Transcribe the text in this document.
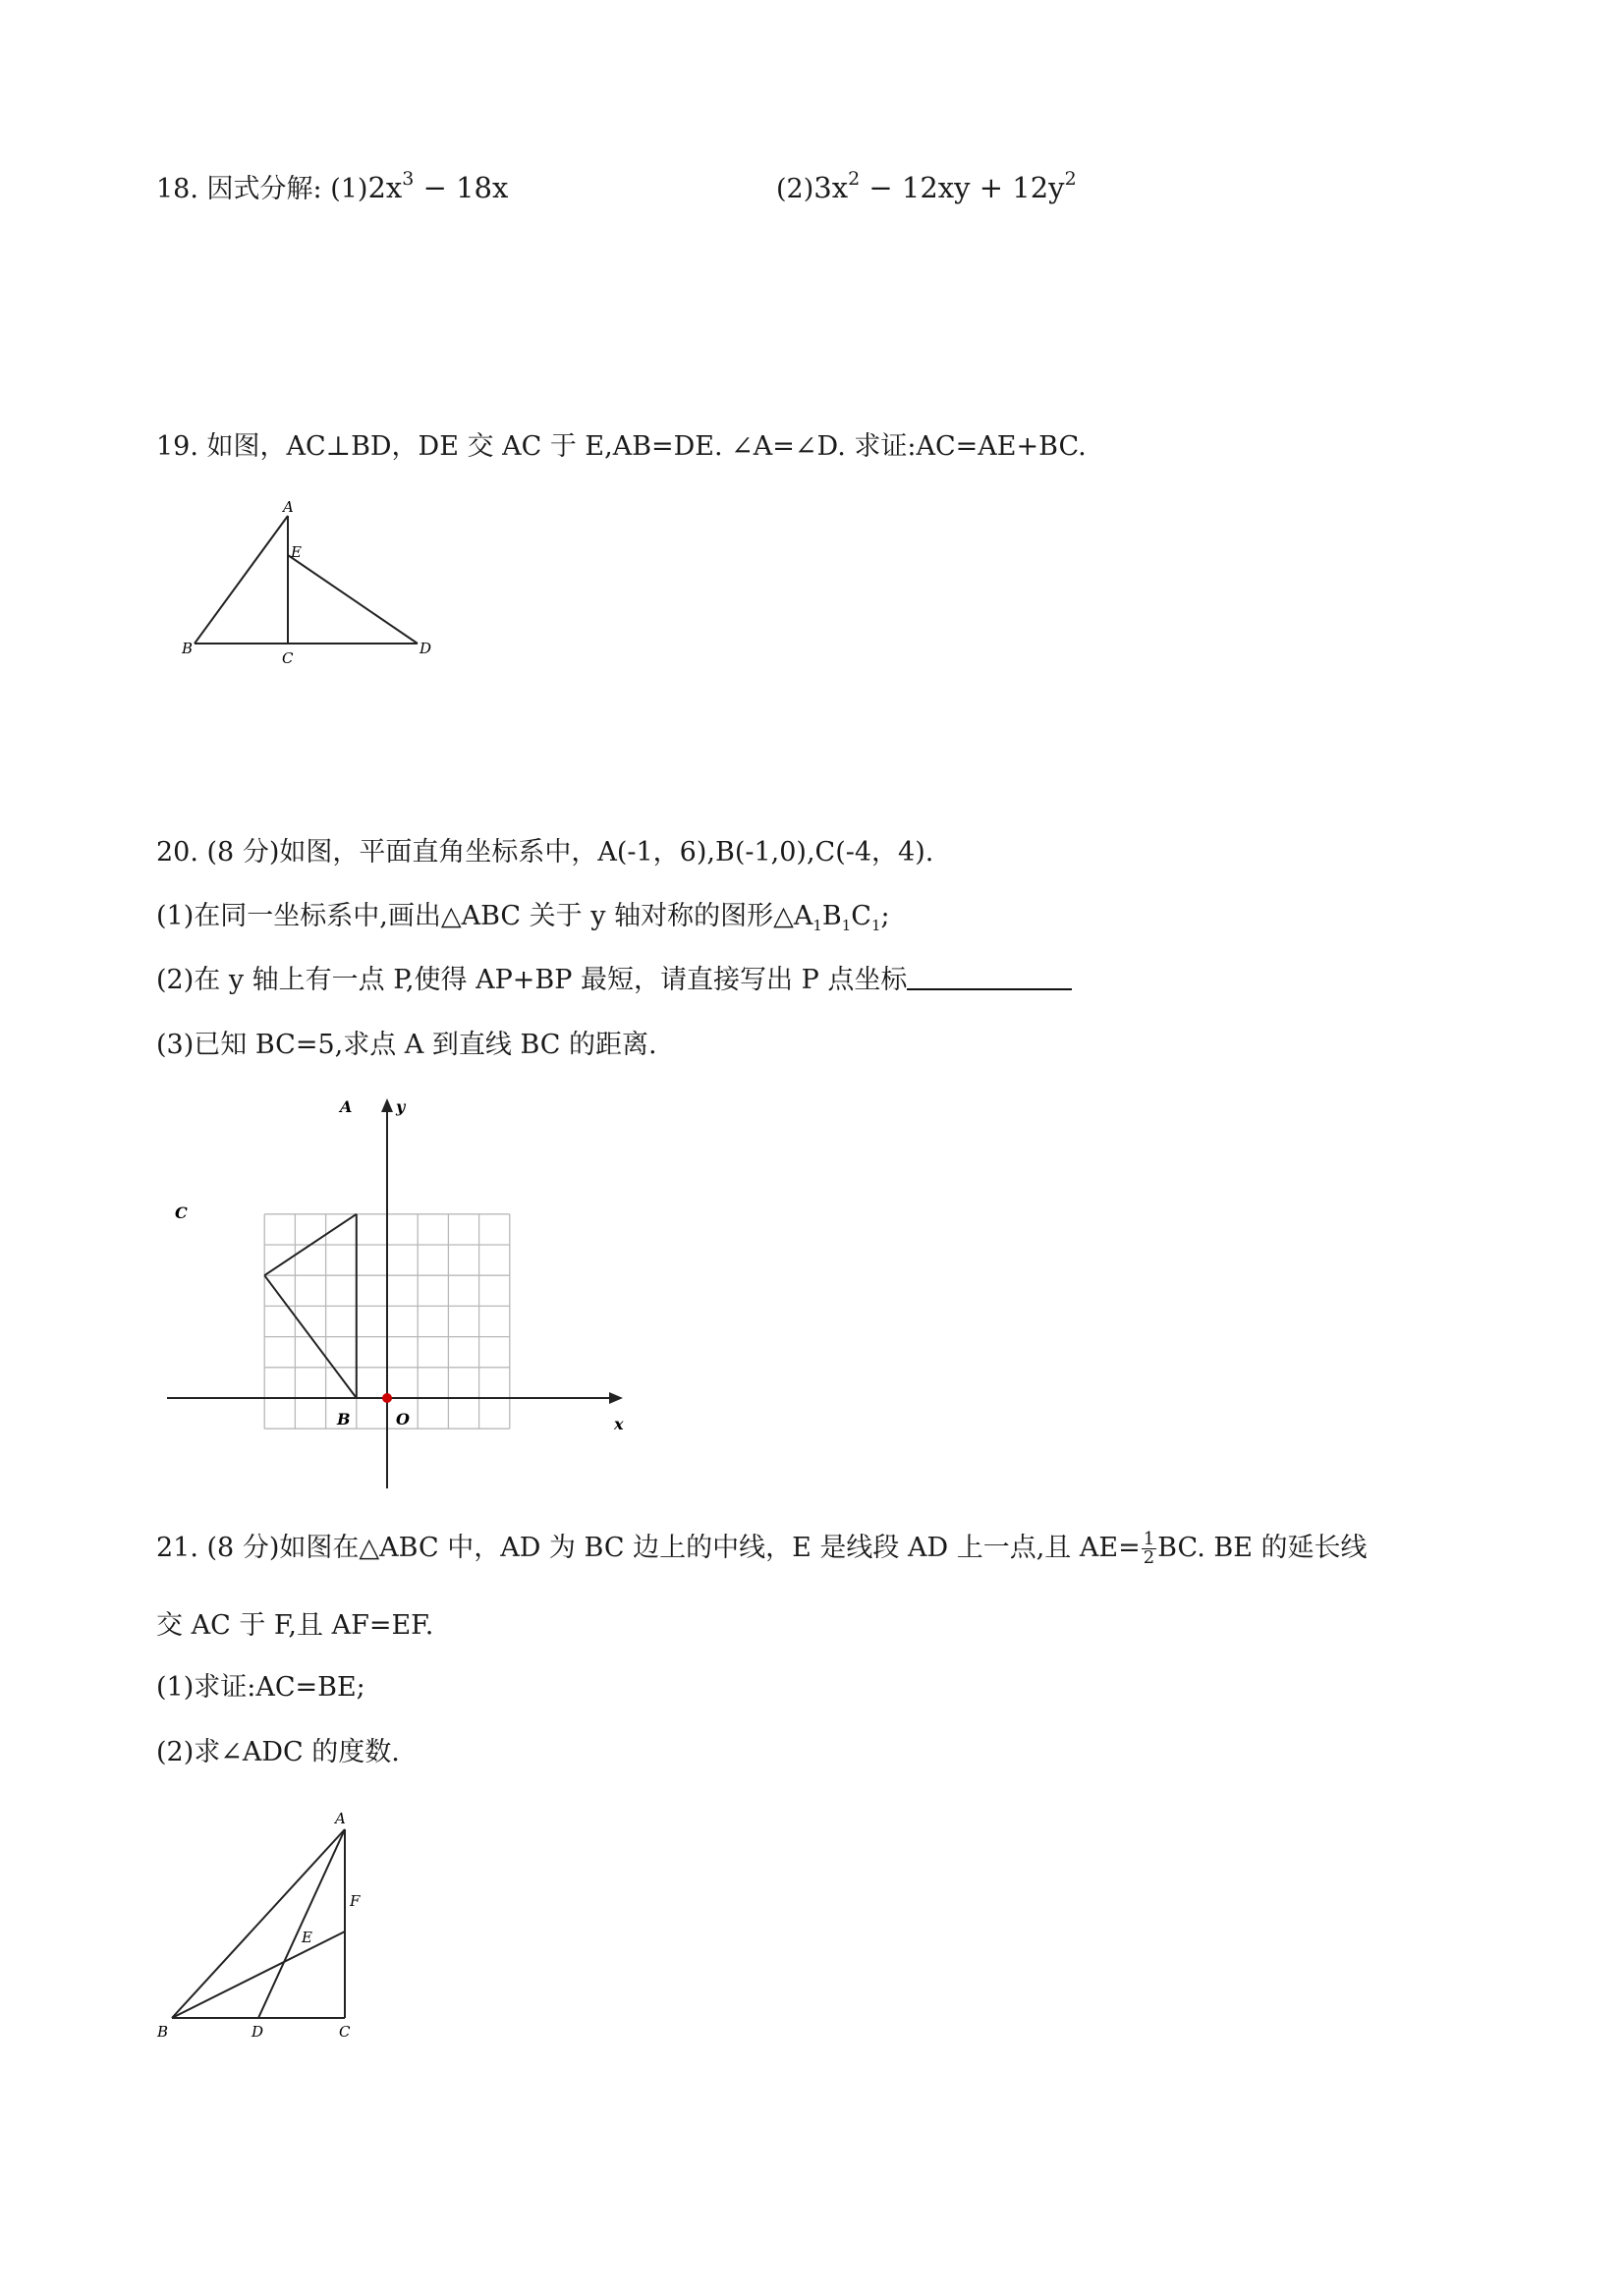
18. 因式分解: $(1)2x^3 - 18x$	$(2)3x^2 - 12xy + 12y^2$
19. 如图，AC⊥BD，DE 交 AC 于 E,AB=DE. ∠A=∠D. 求证:AC=AE+BC.
A
E
B
C
D
20. (8 分)如图，平面直角坐标系中，A(-1，6),B(-1,0),C(-4，4).
(1)在同一坐标系中,画出△ABC 关于 y 轴对称的图形$\triangle A_1B_1C_1$;
(2)在 y 轴上有一点 P,使得 AP+BP 最短，请直接写出 P 点坐标
(3)已知 BC=5,求点 A 到直线 BC 的距离.
A	y
C
B	O	x
21. (8 分)如图在△ABC 中，AD 为 BC 边上的中线，E 是线段 AD 上一点,且 $AE= \frac{1}{2}$ BC. BE 的延长线
交 AC 于 F,且 AF=EF.
(1)求证:AC=BE;
(2)求∠ADC 的度数.
A
F
E
B	D	C
